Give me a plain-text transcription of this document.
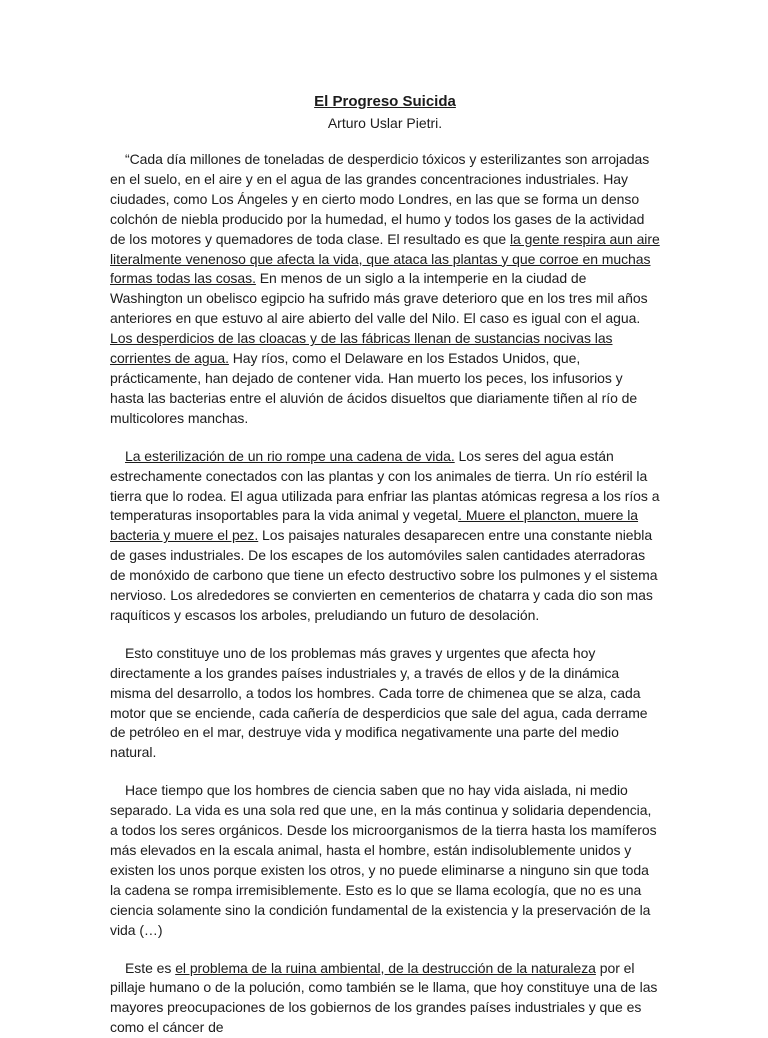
El Progreso Suicida
Arturo Uslar Pietri.

“Cada día millones de toneladas de desperdicio tóxicos y esterilizantes son arrojadas en el suelo, en el aire y en el agua de las grandes concentraciones industriales. Hay ciudades, como Los Ángeles y en cierto modo Londres, en las que se forma un denso colchón de niebla producido por la humedad, el humo y todos los gases de la actividad de los motores y quemadores de toda clase. El resultado es que la gente respira aun aire literalmente venenoso que afecta la vida, que ataca las plantas y que corroe en muchas formas todas las cosas. En menos de un siglo a la intemperie en la ciudad de Washington un obelisco egipcio ha sufrido más grave deterioro que en los tres mil años anteriores en que estuvo al aire abierto del valle del Nilo. El caso es igual con el agua. Los desperdicios de las cloacas y de las fábricas llenan de sustancias nocivas las corrientes de agua. Hay ríos, como el Delaware en los Estados Unidos, que, prácticamente, han dejado de contener vida. Han muerto los peces, los infusorios y hasta las bacterias entre el aluvión de ácidos disueltos que diariamente tiñen al río de multicolores manchas.

La esterilización de un rio rompe una cadena de vida. Los seres del agua están estrechamente conectados con las plantas y con los animales de tierra. Un río estéril la tierra que lo rodea. El agua utilizada para enfriar las plantas atómicas regresa a los ríos a temperaturas insoportables para la vida animal y vegetal. Muere el plancton, muere la bacteria y muere el pez. Los paisajes naturales desaparecen entre una constante niebla de gases industriales. De los escapes de los automóviles salen cantidades aterradoras de monóxido de carbono que tiene un efecto destructivo sobre los pulmones y el sistema nervioso. Los alrededores se convierten en cementerios de chatarra y cada dio son mas raquíticos y escasos los arboles, preludiando un futuro de desolación.

Esto constituye uno de los problemas más graves y urgentes que afecta hoy directamente a los grandes países industriales y, a través de ellos y de la dinámica misma del desarrollo, a todos los hombres. Cada torre de chimenea que se alza, cada motor que se enciende, cada cañería de desperdicios que sale del agua, cada derrame de petróleo en el mar, destruye vida y modifica negativamente una parte del medio natural.

Hace tiempo que los hombres de ciencia saben que no hay vida aislada, ni medio separado. La vida es una sola red que une, en la más continua y solidaria dependencia, a todos los seres orgánicos. Desde los microorganismos de la tierra hasta los mamíferos más elevados en la escala animal, hasta el hombre, están indisolublemente unidos y existen los unos porque existen los otros, y no puede eliminarse a ninguno sin que toda la cadena se rompa irremisiblemente. Esto es lo que se llama ecología, que no es una ciencia solamente sino la condición fundamental de la existencia y la preservación de la vida (…)

Este es el problema de la ruina ambiental, de la destrucción de la naturaleza por el pillaje humano o de la polución, como también se le llama, que hoy constituye una de las mayores preocupaciones de los gobiernos de los grandes países industriales y que es como el cáncer de
